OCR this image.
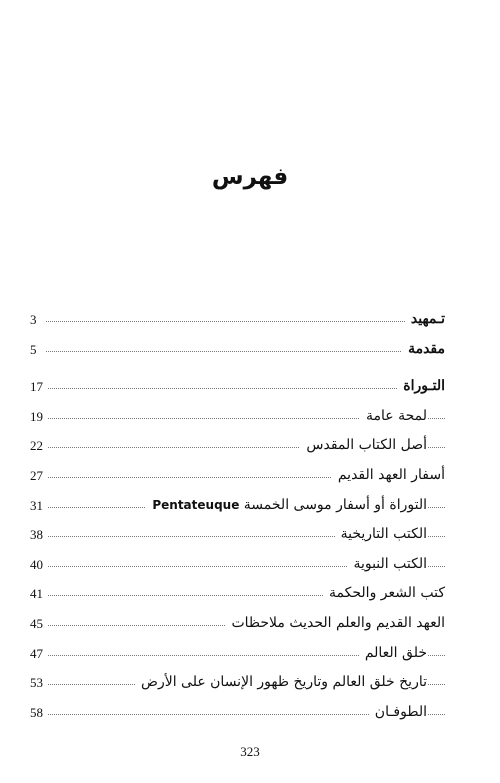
فهرس
تـمهيد
3
مقدمة
5
التـوراة
17
لمحة عامة
19
أصل الكتاب المقدس
22
أسفار العهد القديم
27
التوراة أو أسفار موسى الخمسة Pentateuque
31
الكتب التاريخية
38
الكتب النبوية
40
كتب الشعر والحكمة
41
العهد القديم والعلم الحديث ملاحظات
45
خلق العالم
47
تاريخ خلق العالم وتاريخ ظهور الإنسان على الأرض
53
الطوفـان
58
323
